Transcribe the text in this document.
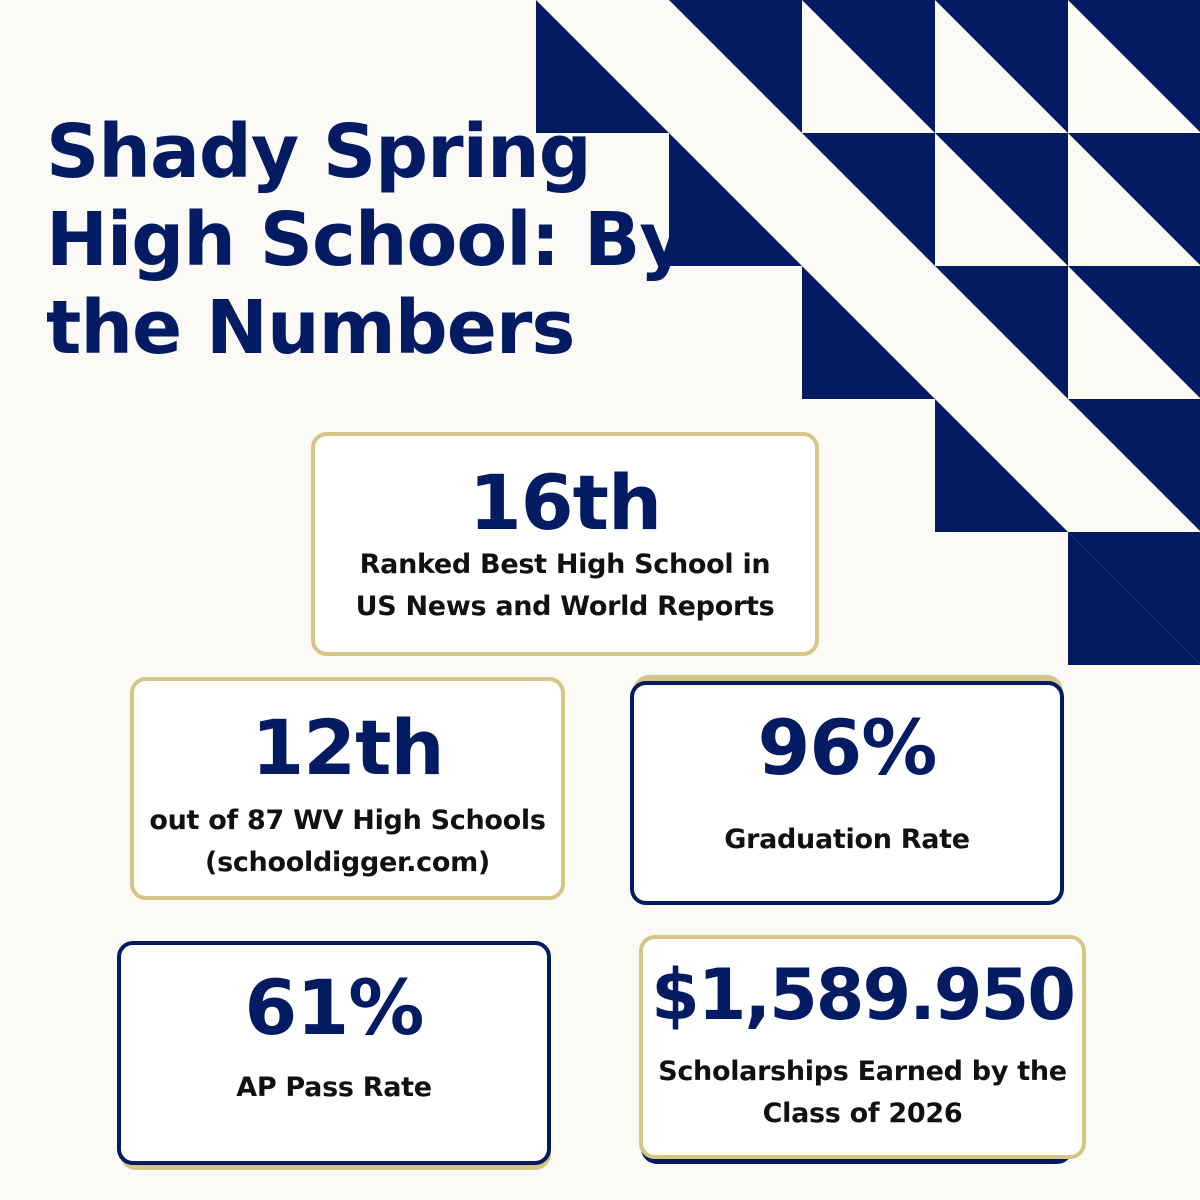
Shady Spring High School: By the Numbers
16th
Ranked Best High School in US News and World Reports
12th
out of 87 WV High Schools (schooldigger.com)
96%
Graduation Rate
61%
AP Pass Rate
$1,589.950
Scholarships Earned by the Class of 2026
